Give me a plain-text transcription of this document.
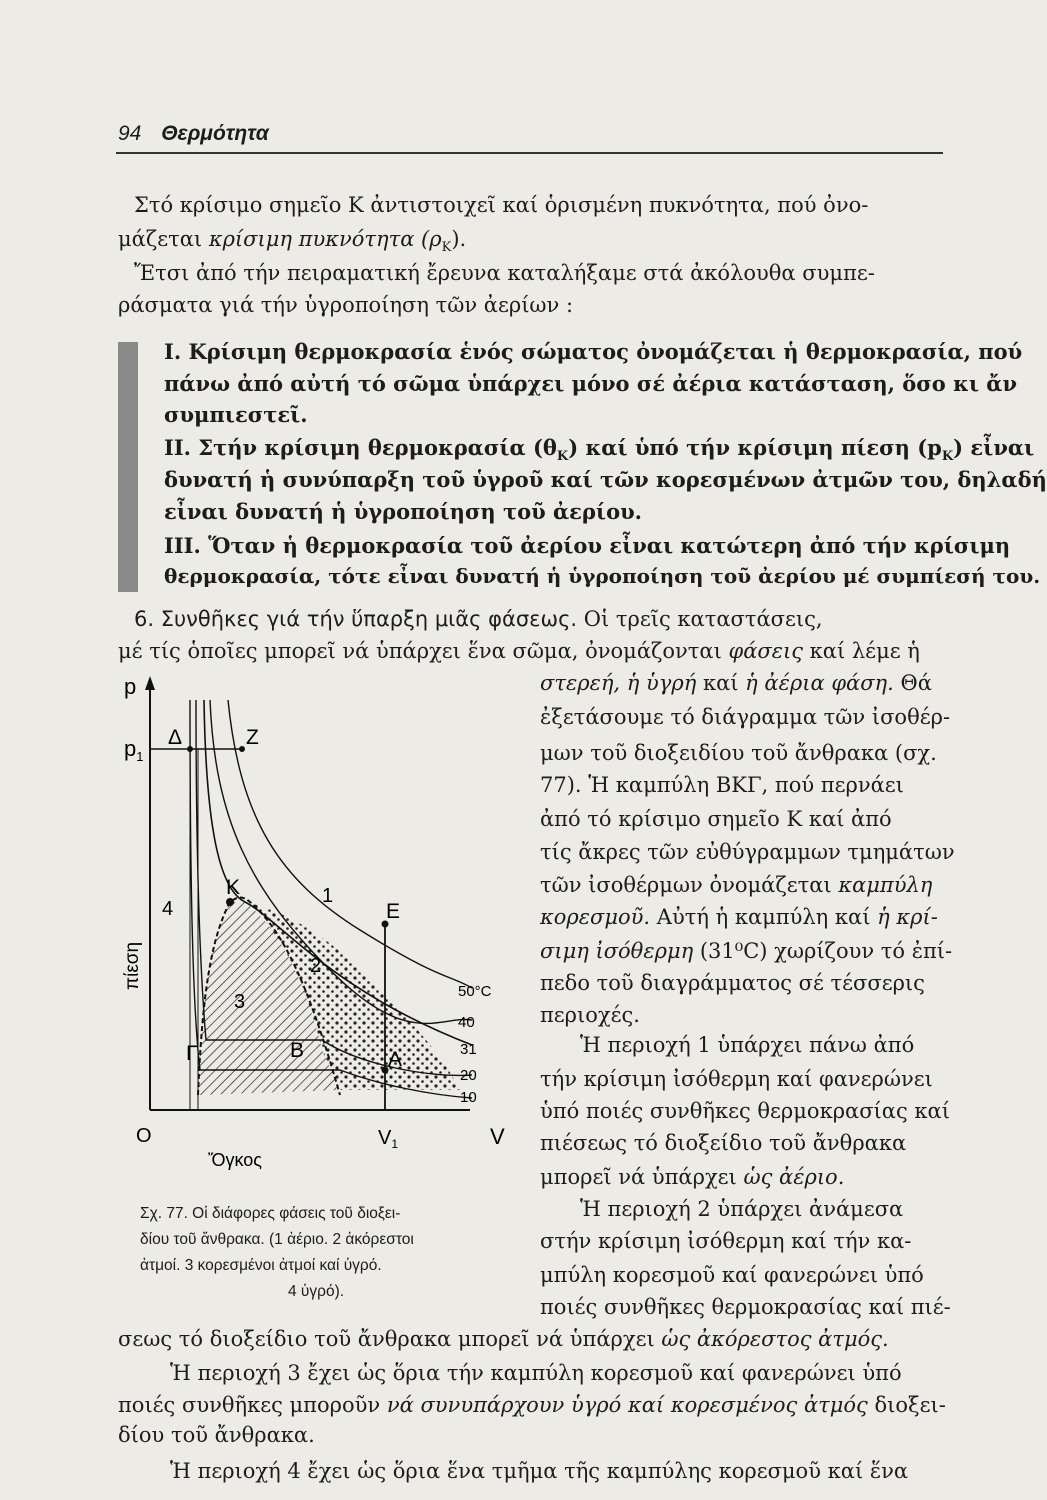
94 Θερμότητα
Στό κρίσιμο σημεῖο Κ ἀντιστοιχεῖ καί ὁρισμένη πυκνότητα, πού ὀνο-
μάζεται κρίσιμη πυκνότητα $(\rho_K)$.
Ἔτσι ἀπό τήν πειραματική ἔρευνα καταλήξαμε στά ἀκόλουθα συμπε-
ράσματα γιά τήν ὑγροποίηση τῶν ἀερίων :
I. Κρίσιμη θερμοκρασία ἑνός σώματος ὀνομάζεται ἡ θερμοκρασία, πού
πάνω ἀπό αὐτή τό σῶμα ὑπάρχει μόνο σέ ἀέρια κατάσταση, ὅσο κι ἄν
συμπιεστεῖ.
II. Στήν κρίσιμη θερμοκρασία $(\theta_K)$ καί ὑπό τήν κρίσιμη πίεση $(p_K)$ εἶναι
δυνατή ἡ συνύπαρξη τοῦ ὑγροῦ καί τῶν κορεσμένων ἀτμῶν του, δηλαδή
εἶναι δυνατή ἡ ὑγροποίηση τοῦ ἀερίου.
III. Ὅταν ἡ θερμοκρασία τοῦ ἀερίου εἶναι κατώτερη ἀπό τήν κρίσιμη
θερμοκρασία, τότε εἶναι δυνατή ἡ ὑγροποίηση τοῦ ἀερίου μέ συμπίεσή του.
6. Συνθῆκες γιά τήν ὕπαρξη μιᾶς φάσεως. Οἱ τρεῖς καταστάσεις,
μέ τίς ὁποῖες μπορεῖ νά ὑπάρχει ἕνα σῶμα, ὀνομάζονται φάσεις καί λέμε ἡ
στερεή, ἡ ὑγρή καί ἡ ἀέρια φάση. Θά
ἐξετάσουμε τό διάγραμμα τῶν ἰσοθέρ-
μων τοῦ διοξειδίου τοῦ ἄνθρακα (σχ.
77). Ἡ καμπύλη ΒΚΓ, πού περνάει
ἀπό τό κρίσιμο σημεῖο Κ καί ἀπό
τίς ἄκρες τῶν εὐθύγραμμων τμημάτων
τῶν ἰσοθέρμων ὀνομάζεται καμπύλη
κορεσμοῦ. Αὐτή ἡ καμπύλη καί ἡ κρί-
σιμη ἰσόθερμη (31⁰C) χωρίζουν τό ἐπί-
πεδο τοῦ διαγράμματος σέ τέσσερις
περιοχές.
Ἡ περιοχή 1 ὑπάρχει πάνω ἀπό
τήν κρίσιμη ἰσόθερμη καί φανερώνει
ὑπό ποιές συνθῆκες θερμοκρασίας καί
πιέσεως τό διοξείδιο τοῦ ἄνθρακα
μπορεῖ νά ὑπάρχει ὡς ἀέριο.
Ἡ περιοχή 2 ὑπάρχει ἀνάμεσα
στήν κρίσιμη ἰσόθερμη καί τήν κα-
μπύλη κορεσμοῦ καί φανερώνει ὑπό
ποιές συνθῆκες θερμοκρασίας καί πιέ-
p
$p_1$
Δ	Z
K
E
Γ	B	A
1
2
3
4
50°C
40
31
20
10
πίεση
O	$V_1$	V
Ὄγκος
Σχ. 77. Οἱ διάφορες φάσεις τοῦ διοξει-
δίου τοῦ ἄνθρακα. (1 ἀέριο. 2 ἀκόρεστοι
ἀτμοί. 3 κορεσμένοι ἀτμοί καί ὑγρό.
4 ὑγρό).
σεως τό διοξείδιο τοῦ ἄνθρακα μπορεῖ νά ὑπάρχει ὡς ἀκόρεστος ἀτμός.
Ἡ περιοχή 3 ἔχει ὡς ὅρια τήν καμπύλη κορεσμοῦ καί φανερώνει ὑπό
ποιές συνθῆκες μποροῦν νά συνυπάρχουν ὑγρό καί κορεσμένος ἀτμός διοξει-
δίου τοῦ ἄνθρακα.
Ἡ περιοχή 4 ἔχει ὡς ὅρια ἕνα τμῆμα τῆς καμπύλης κορεσμοῦ καί ἕνα
